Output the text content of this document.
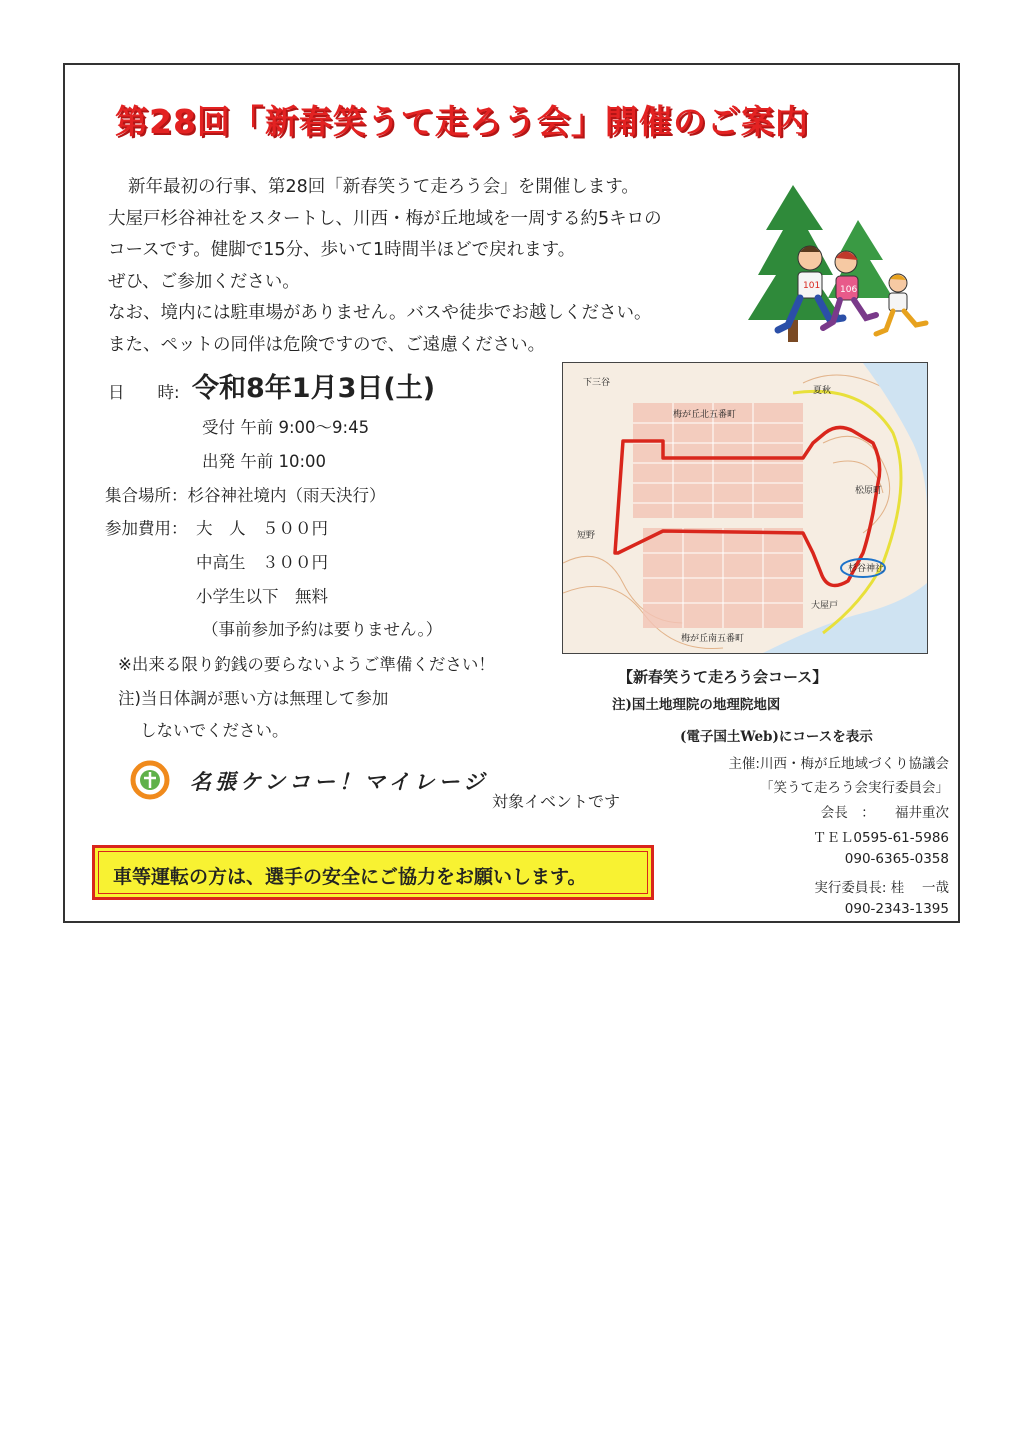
第28回「新春笑うて走ろう会」開催のご案内
新年最初の行事、第28回「新春笑うて走ろう会」を開催します。
大屋戸杉谷神社をスタートし、川西・梅が丘地域を一周する約5キロの
コースです。健脚で15分、歩いて1時間半ほどで戻れます。
ぜひ、ご参加ください。
なお、境内には駐車場がありません。バスや徒歩でお越しください。
また、ペットの同伴は危険ですので、ご遠慮ください。
101 106
日　　時: 令和8年1月3日(土)
受付 午前 9:00～9:45
出発 午前 10:00
集合場所：杉谷神社境内（雨天決行）
参加費用： 大　人　５００円
中高生　３００円
小学生以下　無料
（事前参加予約は要りません。）
※出来る限り釣銭の要らないようご準備ください！
注)当日体調が悪い方は無理して参加
しないでください。
下三谷
夏秋
梅が丘北五番町
短野
杉谷神社
大屋戸
梅が丘南五番町
松原町
【新春笑うて走ろう会コース】
注)国土地理院の地理院地図
(電子国土Web)にコースを表示
主催:川西・梅が丘地域づくり協議会
「笑うて走ろう会実行委員会」
会長　：　　福井重次
ＴＥＬ0595-61-5986
090-6365-0358
実行委員長: 桂　 一哉
090-2343-1395
名張ケンコー！マイレージ
対象イベントです
車等運転の方は、選手の安全にご協力をお願いします。
